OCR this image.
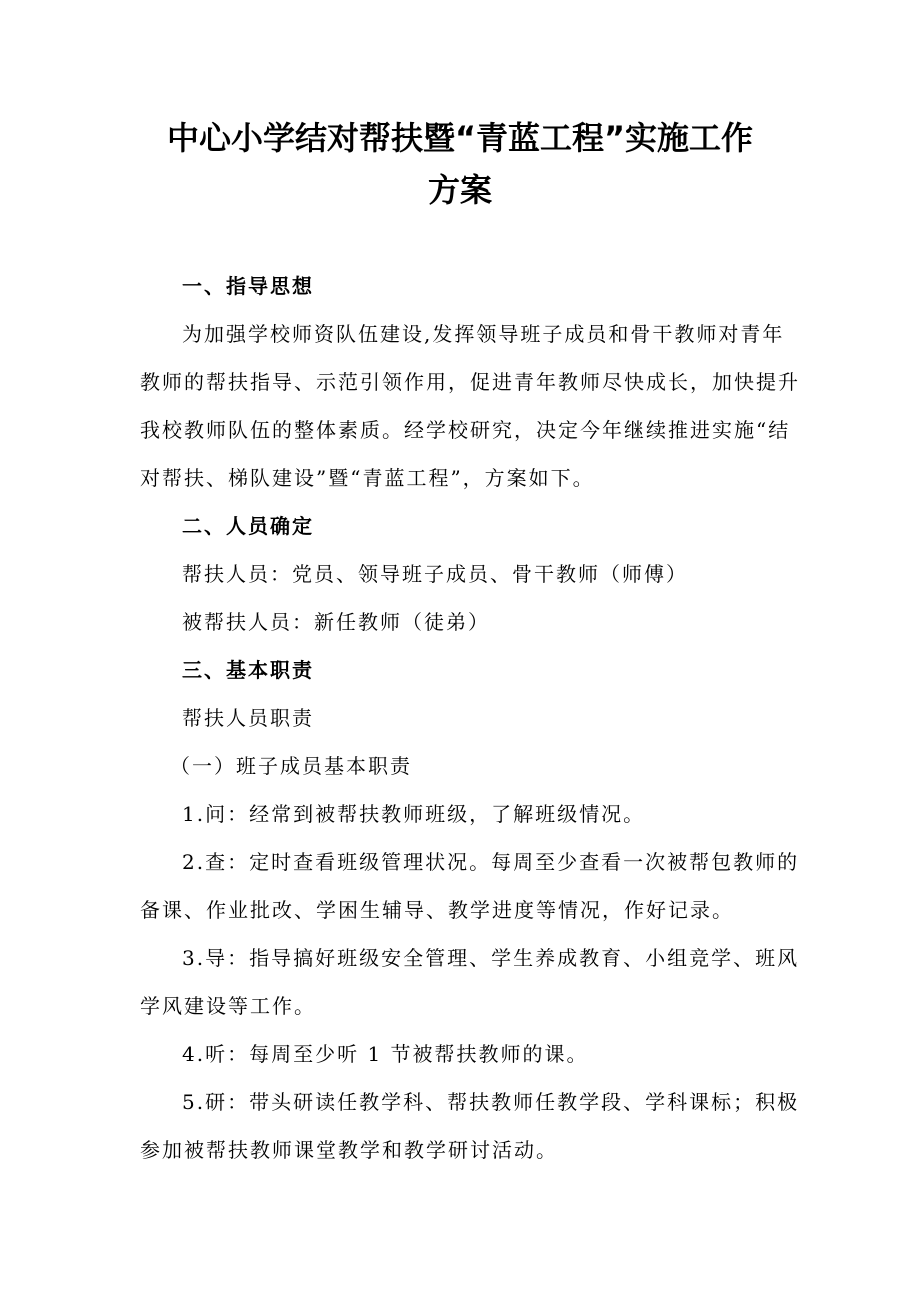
中心小学结对帮扶暨“青蓝工程”实施工作
方案

一、指导思想

为加强学校师资队伍建设,发挥领导班子成员和骨干教师对青年

教师的帮扶指导、示范引领作用，促进青年教师尽快成长，加快提升

我校教师队伍的整体素质。经学校研究，决定今年继续推进实施“结

对帮扶、梯队建设”暨“青蓝工程”，方案如下。

二、人员确定

帮扶人员：党员、领导班子成员、骨干教师（师傅）

被帮扶人员：新任教师（徒弟）

三、基本职责

帮扶人员职责

（一）班子成员基本职责

1.问：经常到被帮扶教师班级，了解班级情况。

2.查：定时查看班级管理状况。每周至少查看一次被帮包教师的

备课、作业批改、学困生辅导、教学进度等情况，作好记录。

3.导：指导搞好班级安全管理、学生养成教育、小组竞学、班风

学风建设等工作。

4.听：每周至少听 1 节被帮扶教师的课。

5.研：带头研读任教学科、帮扶教师任教学段、学科课标；积极

参加被帮扶教师课堂教学和教学研讨活动。
